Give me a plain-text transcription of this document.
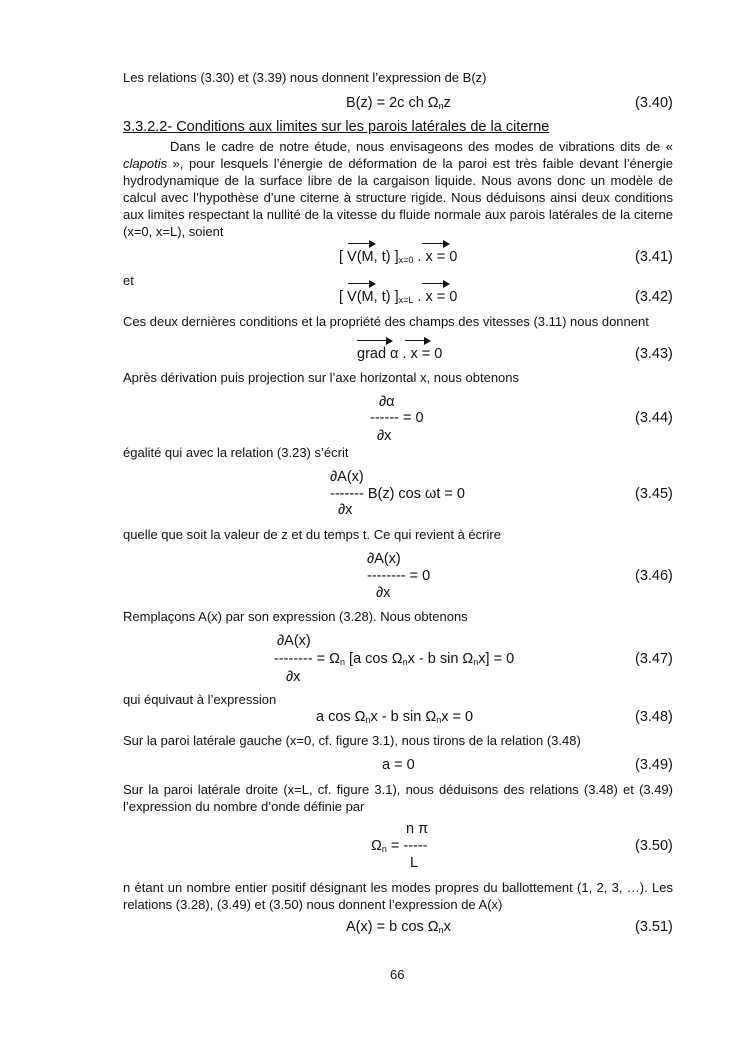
Les relations (3.30) et (3.39) nous donnent l’expression de B(z)
B(z) = 2c ch $\Omega_nz$	(3.40)
3.3.2.2- Conditions aux limites sur les parois latérales de la citerne
Dans le cadre de notre étude, nous envisageons des modes de vibrations dits de « clapotis », pour lesquels l’énergie de déformation de la paroi est très faible devant l’énergie hydrodynamique de la surface libre de la cargaison liquide. Nous avons donc un modèle de calcul avec l’hypothèse d’une citerne à structure rigide. Nous déduisons ainsi deux conditions aux limites respectant la nullité de la vitesse du fluide normale aux parois latérales de la citerne (x=0, x=L), soient
[ V(M, t) ]$_{x=0}$ . x = 0	(3.41)
et
[ V(M, t) ]$_{x=L}$ . x = 0	(3.42)
Ces deux dernières conditions et la propriété des champs des vitesses (3.11) nous donnent
grad α . x = 0	(3.43)
Après dérivation puis projection sur l’axe horizontal x, nous obtenons
∂α
------ = 0
∂x
(3.44)
égalité qui avec la relation (3.23) s’écrit
∂A(x)
------- B(z) cos ωt = 0
∂x
(3.45)
quelle que soit la valeur de z et du temps t. Ce qui revient à écrire
∂A(x)
-------- = 0
∂x
(3.46)
Remplaçons A(x) par son expression (3.28). Nous obtenons
∂A(x)
-------- = $\Omega_n$ [a $\cos \Omega_nx$ - b $\sin \Omega_nx] = 0$
∂x
(3.47)
qui équivaut à l’expression
a $\cos \Omega_nx$ - b $\sin \Omega_nx = 0$	(3.48)
Sur la paroi latérale gauche (x=0, cf. figure 3.1), nous tirons de la relation (3.48)
a = 0	(3.49)
Sur la paroi latérale droite (x=L, cf. figure 3.1), nous déduisons des relations (3.48) et (3.49) l’expression du nombre d’onde définie par
n π
$\Omega_n$ = -----
L
(3.50)
n étant un nombre entier positif désignant les modes propres du ballottement (1, 2, 3, …). Les relations (3.28), (3.49) et (3.50) nous donnent l’expression de A(x)
A(x) = b $\cos \Omega_nx$	(3.51)
66
